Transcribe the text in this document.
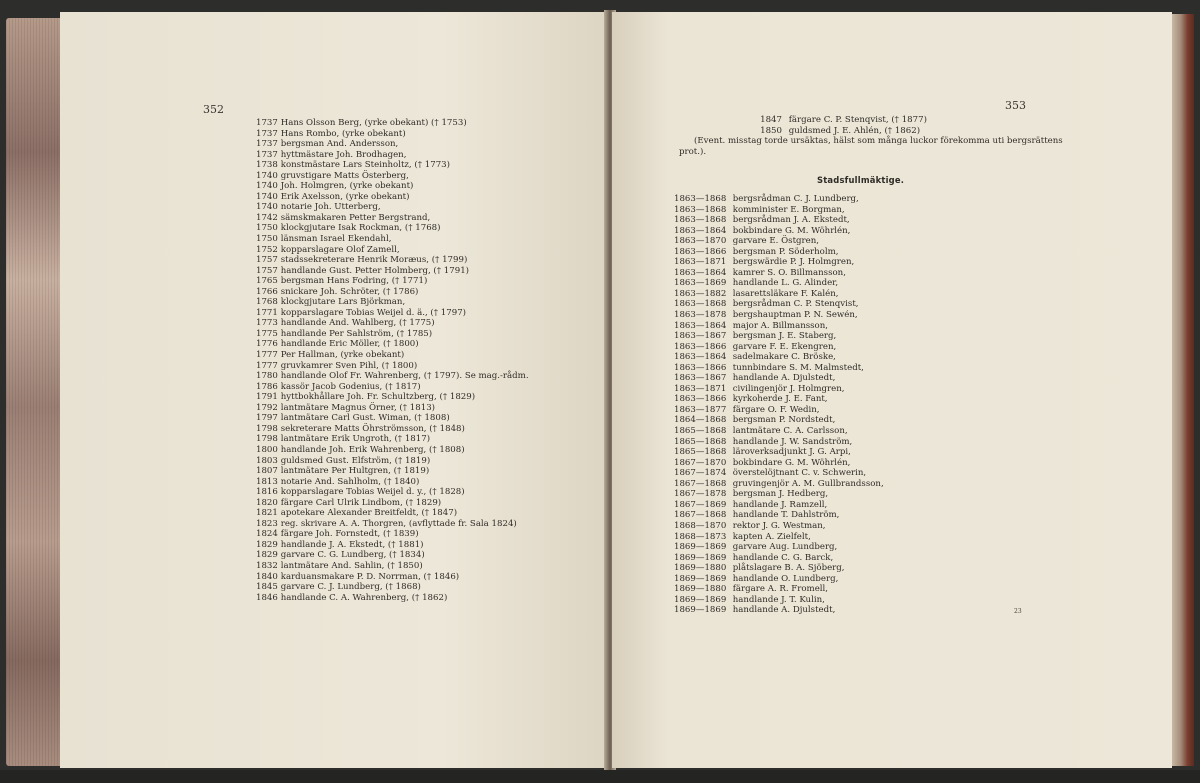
352
1737 Hans Olsson Berg, (yrke obekant) († 1753)
1737 Hans Rombo, (yrke obekant)
1737 bergsman And. Andersson,
1737 hyttmästare Joh. Brodhagen,
1738 konstmästare Lars Steinholtz, († 1773)
1740 gruvstigare Matts Österberg,
1740 Joh. Holmgren, (yrke obekant)
1740 Erik Axelsson, (yrke obekant)
1740 notarie Joh. Utterberg,
1742 sämskmakaren Petter Bergstrand,
1750 klockgjutare Isak Rockman, († 1768)
1750 länsman Israel Ekendahl,
1752 kopparslagare Olof Zamell,
1757 stadssekreterare Henrik Moræus, († 1799)
1757 handlande Gust. Petter Holmberg, († 1791)
1765 bergsman Hans Fodring, († 1771)
1766 snickare Joh. Schröter, († 1786)
1768 klockgjutare Lars Björkman,
1771 kopparslagare Tobias Weijel d. ä., († 1797)
1773 handlande And. Wahlberg, († 1775)
1775 handlande Per Sahlström, († 1785)
1776 handlande Eric Möller, († 1800)
1777 Per Hallman, (yrke obekant)
1777 gruvkamrer Sven Pihl, († 1800)
1780 handlande Olof Fr. Wahrenberg, († 1797). Se mag.-rådm.
1786 kassör Jacob Godenius, († 1817)
1791 hyttbokhållare Joh. Fr. Schultzberg, († 1829)
1792 lantmätare Magnus Örner, († 1813)
1797 lantmätare Carl Gust. Wiman, († 1808)
1798 sekreterare Matts Öhrströmsson, († 1848)
1798 lantmätare Erik Ungroth, († 1817)
1800 handlande Joh. Erik Wahrenberg, († 1808)
1803 guldsmed Gust. Elfström, († 1819)
1807 lantmätare Per Hultgren, († 1819)
1813 notarie And. Sahlholm, († 1840)
1816 kopparslagare Tobias Weijel d. y., († 1828)
1820 färgare Carl Ulrik Lindbom, († 1829)
1821 apotekare Alexander Breitfeldt, († 1847)
1823 reg. skrivare A. A. Thorgren, (avflyttade fr. Sala 1824)
1824 färgare Joh. Fornstedt, († 1839)
1829 handlande J. A. Ekstedt, († 1881)
1829 garvare C. G. Lundberg, († 1834)
1832 lantmätare And. Sahlin, († 1850)
1840 karduansmakare P. D. Norrman, († 1846)
1845 garvare C. J. Lundberg, († 1868)
1846 handlande C. A. Wahrenberg, († 1862)
353
1847 färgare C. P. Stenqvist, († 1877)
1850 guldsmed J. E. Ahlén, († 1862)
(Event. misstag torde ursäktas, hälst som många luckor förekomma uti bergsrättens
prot.).
Stadsfullmäktige.
1863—1868 bergsrådman C. J. Lundberg,
1863—1868 komminister E. Borgman,
1863—1868 bergsrådman J. A. Ekstedt,
1863—1864 bokbindare G. M. Wöhrlén,
1863—1870 garvare E. Östgren,
1863—1866 bergsman P. Söderholm,
1863—1871 bergswärdie P. J. Holmgren,
1863—1864 kamrer S. O. Billmansson,
1863—1869 handlande L. G. Alinder,
1863—1882 lasarettsläkare F. Kalén,
1863—1868 bergsrådman C. P. Stenqvist,
1863—1878 bergshauptman P. N. Sewén,
1863—1864 major A. Billmansson,
1863—1867 bergsman J. E. Staberg,
1863—1866 garvare F. E. Ekengren,
1863—1864 sadelmakare C. Bröske,
1863—1866 tunnbindare S. M. Malmstedt,
1863—1867 handlande A. Djulstedt,
1863—1871 civilingenjör J. Holmgren,
1863—1866 kyrkoherde J. E. Fant,
1863—1877 färgare O. F. Wedin,
1864—1868 bergsman P. Nordstedt,
1865—1868 lantmätare C. A. Carlsson,
1865—1868 handlande J. W. Sandström,
1865—1868 läroverksadjunkt J. G. Arpi,
1867—1870 bokbindare G. M. Wöhrlén,
1867—1874 överstelöjtnant C. v. Schwerin,
1867—1868 gruvingenjör A. M. Gullbrandsson,
1867—1878 bergsman J. Hedberg,
1867—1869 handlande J. Ramzell,
1867—1868 handlande T. Dahlström,
1868—1870 rektor J. G. Westman,
1868—1873 kapten A. Zielfelt,
1869—1869 garvare Aug. Lundberg,
1869—1869 handlande C. G. Barck,
1869—1880 plåtslagare B. A. Sjöberg,
1869—1869 handlande O. Lundberg,
1869—1880 färgare A. R. Fromell,
1869—1869 handlande J. T. Kulin,
1869—1869 handlande A. Djulstedt,	23
